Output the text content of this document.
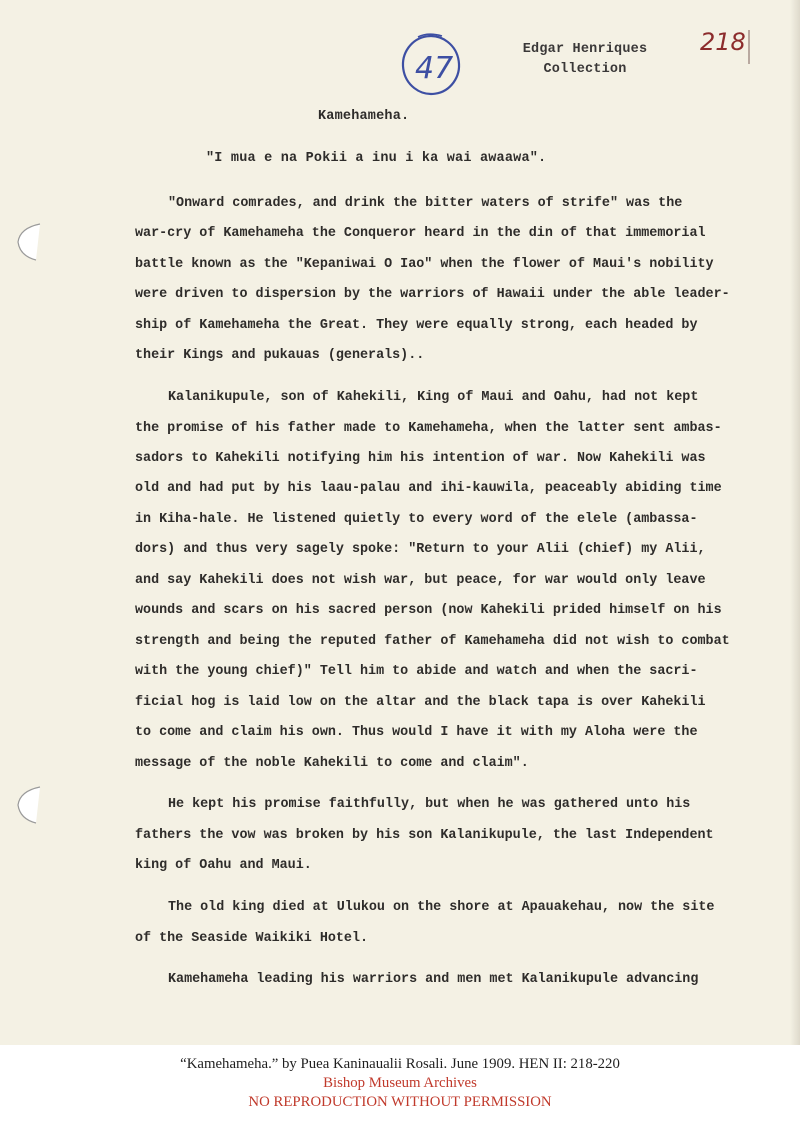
47
Edgar Henriques
Collection
218
Kamehameha.
"I mua e na Pokii a inu i ka wai awaawa".
"Onward comrades, and drink the bitter waters of strife" was the
war-cry of Kamehameha the Conqueror heard in the din of that immemorial
battle known as the "Kepaniwai O Iao" when the flower of Maui's nobility
were driven to dispersion by the warriors of Hawaii under the able leader-
ship of Kamehameha the Great. They were equally strong, each headed by
their Kings and pukauas (generals)..
Kalanikupule, son of Kahekili, King of Maui and Oahu, had not kept
the promise of his father made to Kamehameha, when the latter sent ambas-
sadors to Kahekili notifying him his intention of war. Now Kahekili was
old and had put by his laau-palau and ihi-kauwila, peaceably abiding time
in Kiha-hale. He listened quietly to every word of the elele (ambassa-
dors) and thus very sagely spoke: "Return to your Alii (chief) my Alii,
and say Kahekili does not wish war, but peace, for war would only leave
wounds and scars on his sacred person (now Kahekili prided himself on his
strength and being the reputed father of Kamehameha did not wish to combat
with the young chief)" Tell him to abide and watch and when the sacri-
ficial hog is laid low on the altar and the black tapa is over Kahekili
to come and claim his own. Thus would I have it with my Aloha were the
message of the noble Kahekili to come and claim".
He kept his promise faithfully, but when he was gathered unto his
fathers the vow was broken by his son Kalanikupule, the last Independent
king of Oahu and Maui.
The old king died at Ulukou on the shore at Apauakehau, now the site
of the Seaside Waikiki Hotel.
Kamehameha leading his warriors and men met Kalanikupule advancing
“Kamehameha.” by Puea Kaninaualii Rosali. June 1909. HEN II: 218-220
Bishop Museum Archives
NO REPRODUCTION WITHOUT PERMISSION
